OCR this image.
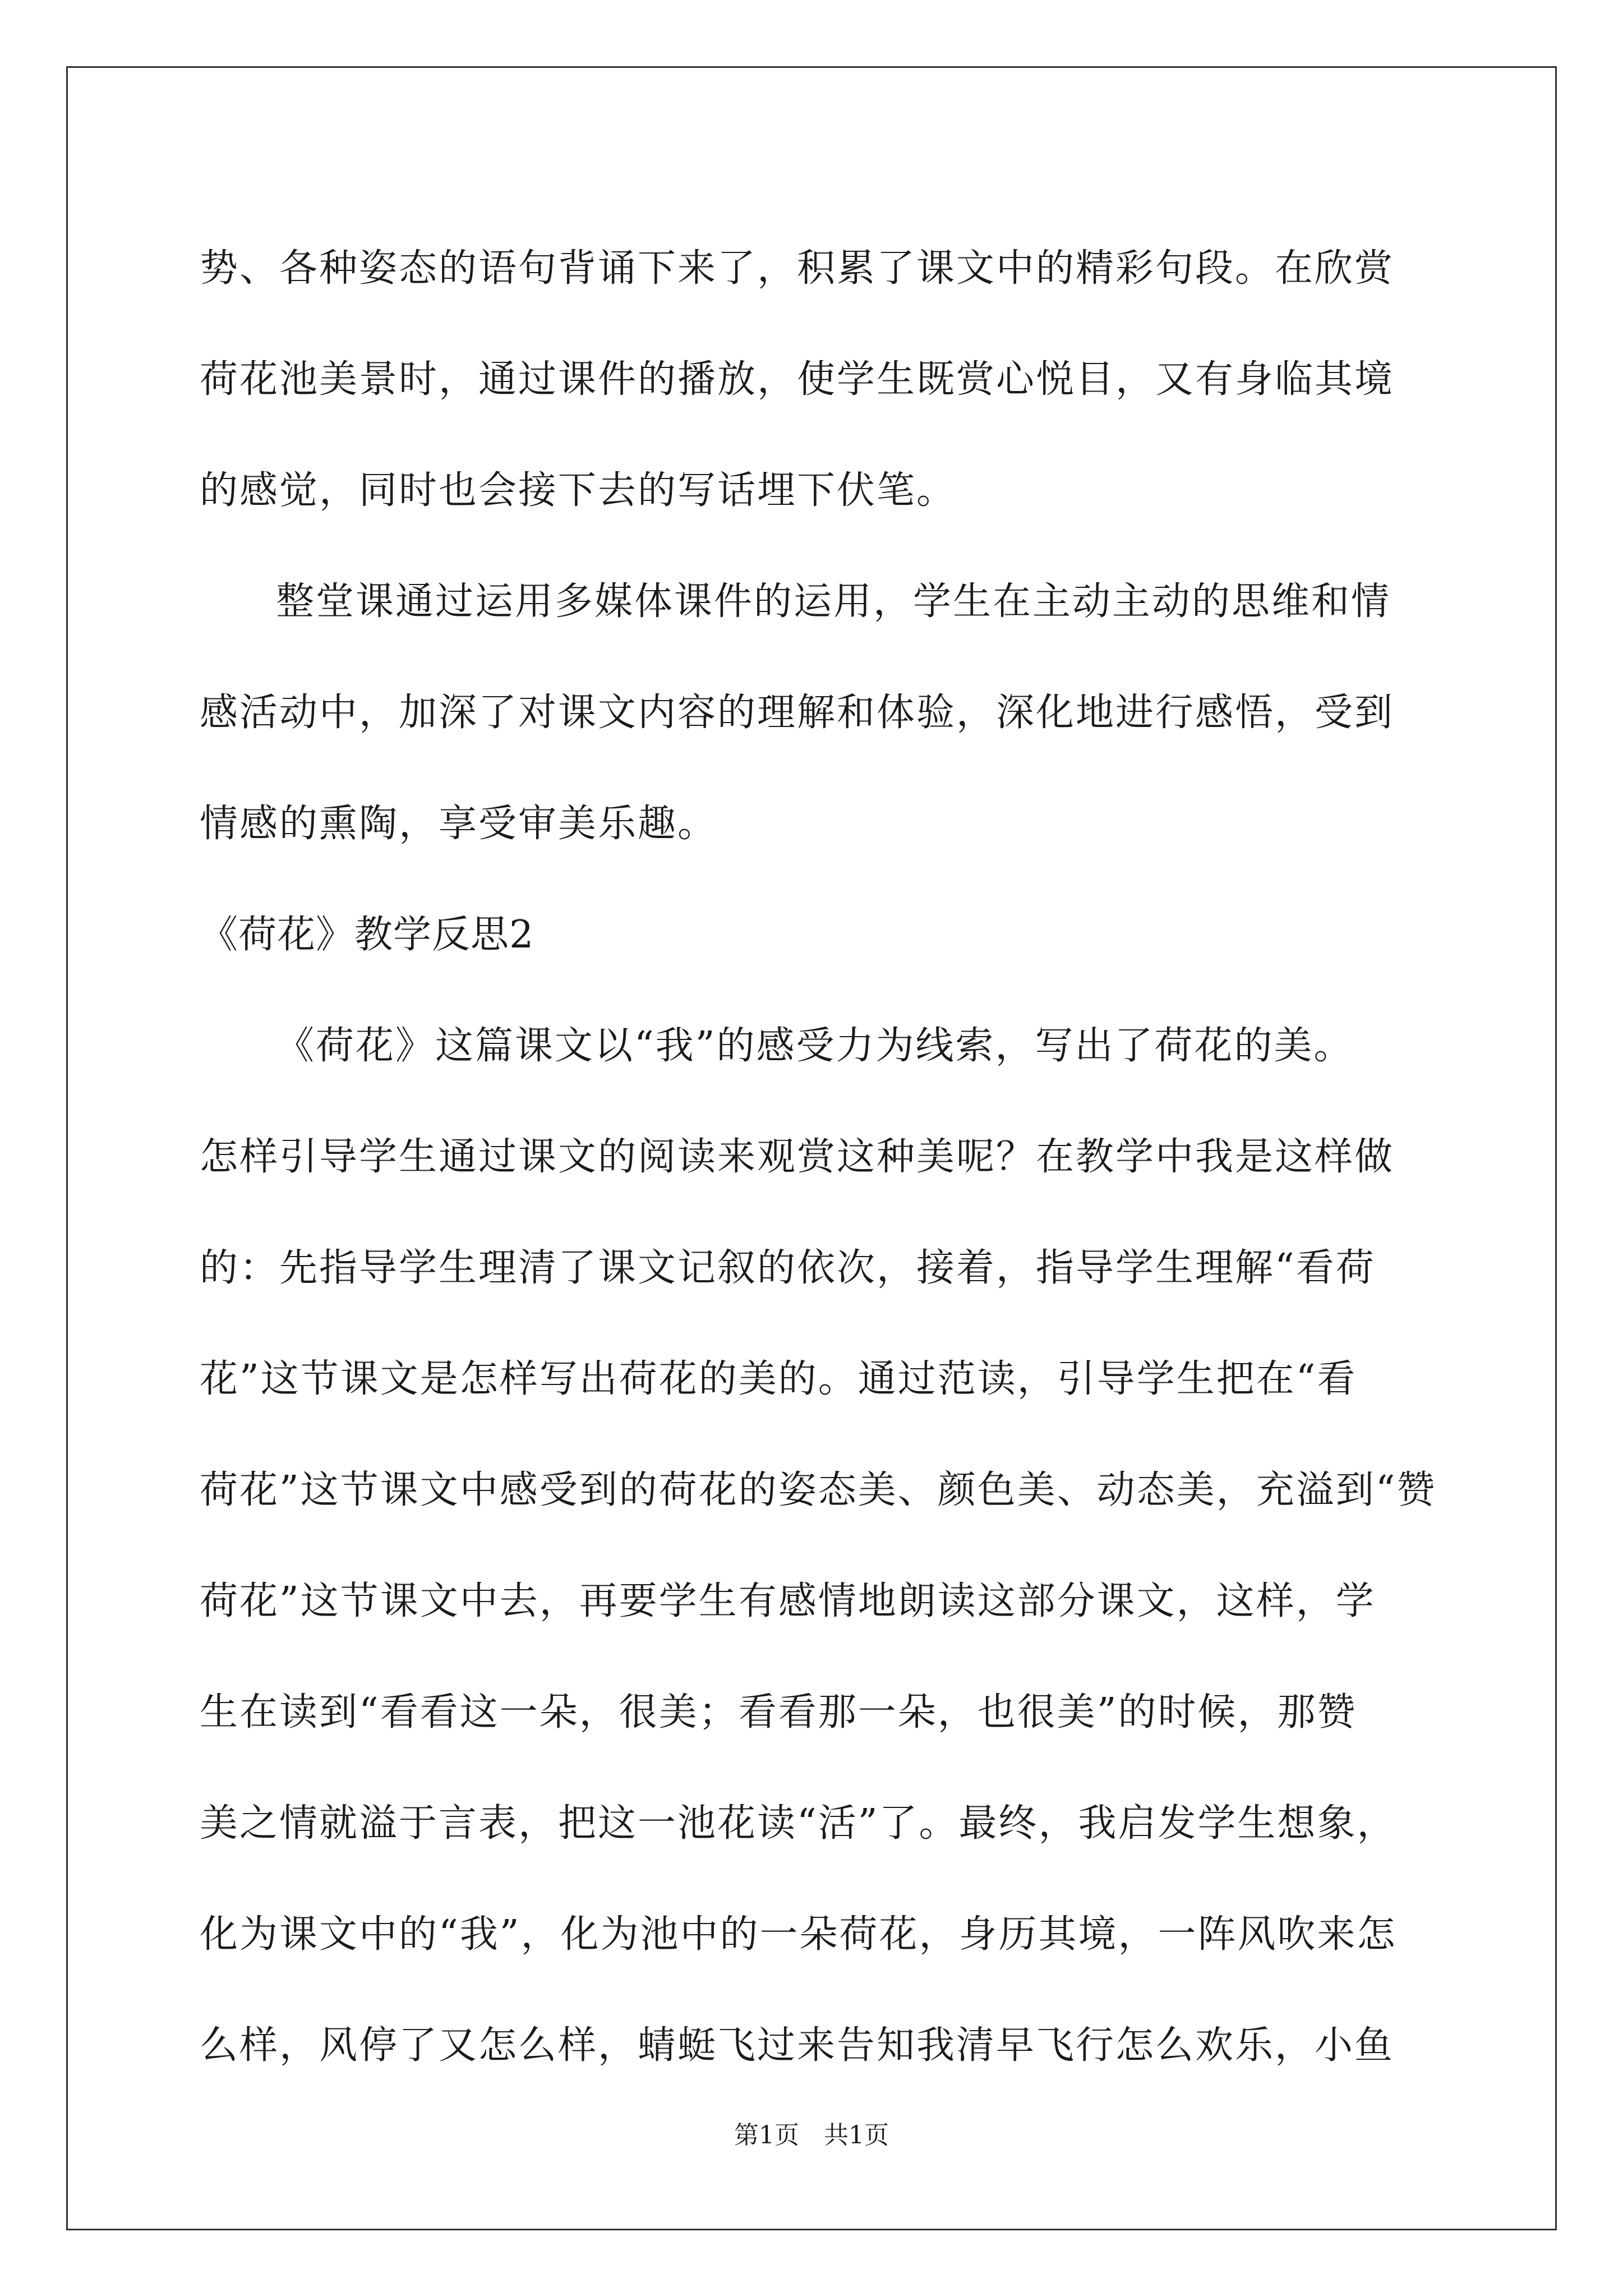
势、各种姿态的语句背诵下来了，积累了课文中的精彩句段。在欣赏
荷花池美景时，通过课件的播放，使学生既赏心悦目，又有身临其境
的感觉，同时也会接下去的写话埋下伏笔。
整堂课通过运用多媒体课件的运用，学生在主动主动的思维和情
感活动中，加深了对课文内容的理解和体验，深化地进行感悟，受到
情感的熏陶，享受审美乐趣。
《荷花》教学反思2
《荷花》这篇课文以“我”的感受力为线索，写出了荷花的美。
怎样引导学生通过课文的阅读来观赏这种美呢？在教学中我是这样做
的：先指导学生理清了课文记叙的依次，接着，指导学生理解“看荷
花”这节课文是怎样写出荷花的美的。通过范读，引导学生把在“看
荷花”这节课文中感受到的荷花的姿态美、颜色美、动态美，充溢到“赞
荷花”这节课文中去，再要学生有感情地朗读这部分课文，这样，学
生在读到“看看这一朵，很美；看看那一朵，也很美”的时候，那赞
美之情就溢于言表，把这一池花读“活”了。最终，我启发学生想象，
化为课文中的“我”，化为池中的一朵荷花，身历其境，一阵风吹来怎
么样，风停了又怎么样，蜻蜓飞过来告知我清早飞行怎么欢乐，小鱼
第1页　共1页
